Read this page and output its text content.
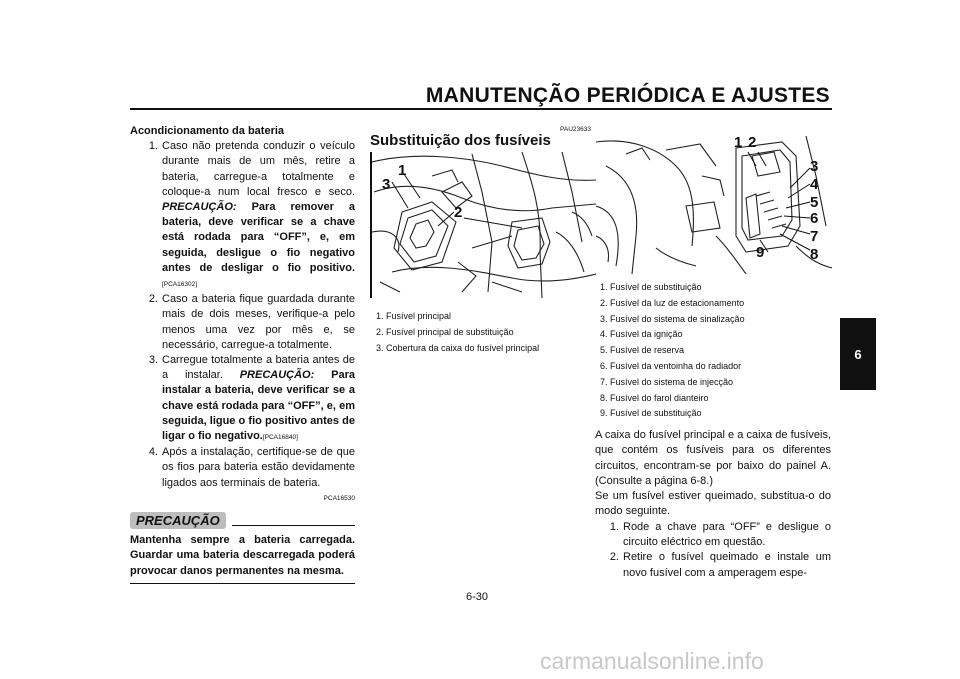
MANUTENÇÃO PERIÓDICA E AJUSTES
6
Acondicionamento da bateria
1. Caso não pretenda conduzir o veículo durante mais de um mês, retire a bateria, carregue-a totalmente e coloque-a num local fresco e seco. PRECAUÇÃO: Para remover a bateria, deve verificar se a chave está rodada para “OFF”, e, em seguida, desligue o fio negativo antes de desligar o fio positivo.[PCA16302]
2. Caso a bateria fique guardada durante mais de dois meses, verifique-a pelo menos uma vez por mês e, se necessário, carregue-a totalmente.
3. Carregue totalmente a bateria antes de a instalar. PRECAUÇÃO: Para instalar a bateria, deve verificar se a chave está rodada para “OFF”, e, em seguida, ligue o fio positivo antes de ligar o fio negativo.[PCA16840]
4. Após a instalação, certifique-se de que os fios para bateria estão devidamente ligados aos terminais de bateria.
PCA16530
PRECAUÇÃO
Mantenha sempre a bateria carregada. Guardar uma bateria descarregada poderá provocar danos permanentes na mesma.
PAU23633
Substituição dos fusíveis
1
2
3
1. Fusível principal
2. Fusível principal de substituição
3. Cobertura da caixa do fusível principal
1 2
3
4
5
6
7
8
9
1. Fusível de substituição
2. Fusível da luz de estacionamento
3. Fusível do sistema de sinalização
4. Fusível da ignição
5. Fusível de reserva
6. Fusível da ventoinha do radiador
7. Fusível do sistema de injecção
8. Fusível do farol dianteiro
9. Fusível de substituição

A caixa do fusível principal e a caixa de fusíveis, que contém os fusíveis para os diferentes circuitos, encontram-se por baixo do painel A. (Consulte a página 6-8.)

Se um fusível estiver queimado, substitua-o do modo seguinte.

1. Rode a chave para “OFF” e desligue o circuito eléctrico em questão.
2. Retire o fusível queimado e instale um novo fusível com a amperagem espe-
6-30
carmanualsonline.info
